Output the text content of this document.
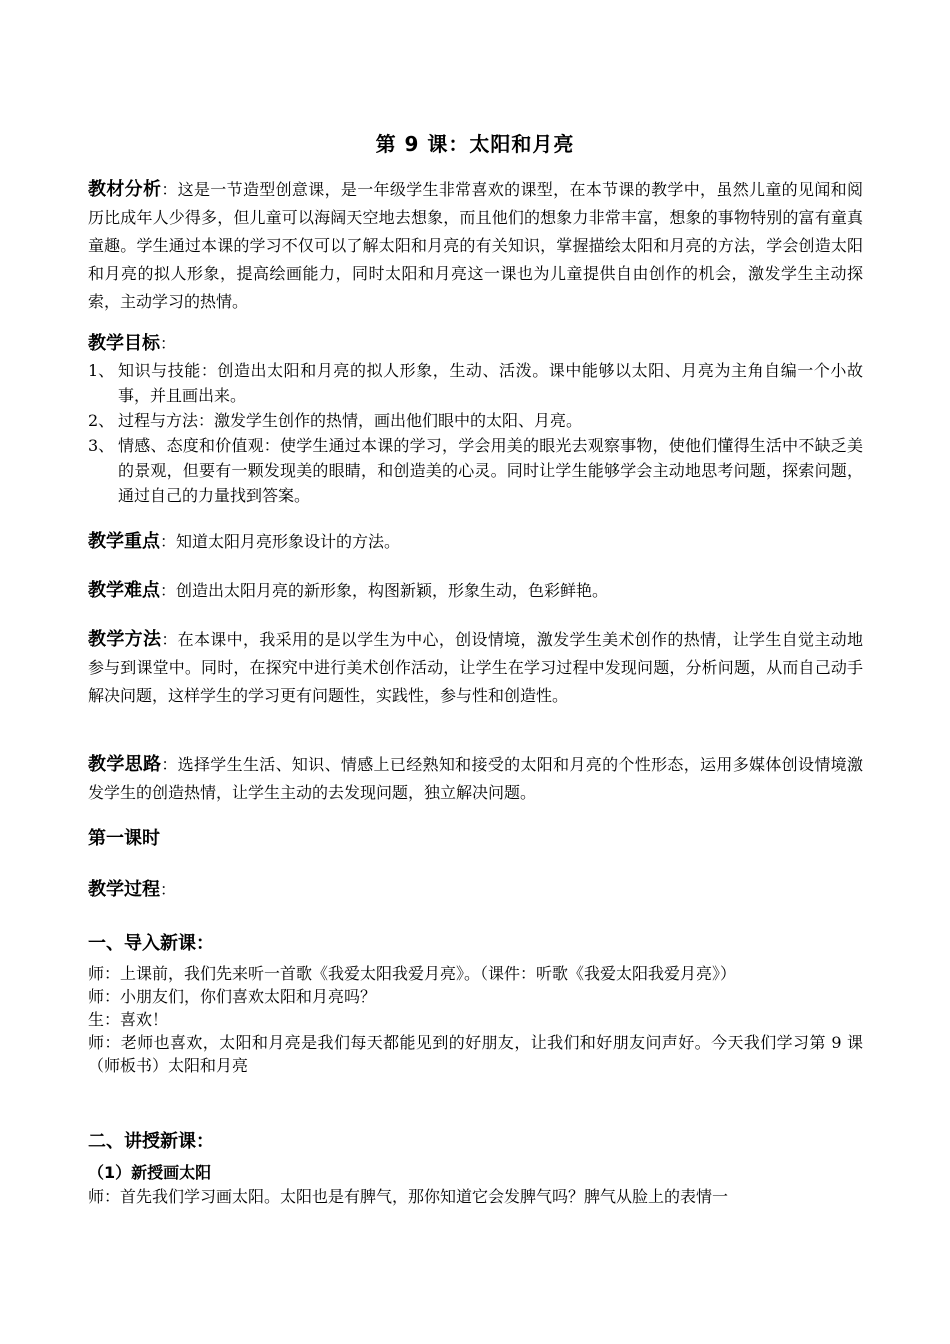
第 9 课：太阳和月亮

教材分析：这是一节造型创意课，是一年级学生非常喜欢的课型，在本节课的教学中，虽然儿童的见闻和阅历比成年人少得多，但儿童可以海阔天空地去想象，而且他们的想象力非常丰富，想象的事物特别的富有童真童趣。学生通过本课的学习不仅可以了解太阳和月亮的有关知识，掌握描绘太阳和月亮的方法，学会创造太阳和月亮的拟人形象，提高绘画能力，同时太阳和月亮这一课也为儿童提供自由创作的机会，激发学生主动探索，主动学习的热情。

教学目标：
1、 知识与技能：创造出太阳和月亮的拟人形象，生动、活泼。课中能够以太阳、月亮为主角自编一个小故事，并且画出来。
2、 过程与方法：激发学生创作的热情，画出他们眼中的太阳、月亮。
3、 情感、态度和价值观：使学生通过本课的学习，学会用美的眼光去观察事物，使他们懂得生活中不缺乏美的景观，但要有一颗发现美的眼睛，和创造美的心灵。同时让学生能够学会主动地思考问题，探索问题，通过自己的力量找到答案。

教学重点：知道太阳月亮形象设计的方法。

教学难点：创造出太阳月亮的新形象，构图新颖，形象生动，色彩鲜艳。

教学方法：在本课中，我采用的是以学生为中心，创设情境，激发学生美术创作的热情，让学生自觉主动地参与到课堂中。同时，在探究中进行美术创作活动，让学生在学习过程中发现问题，分析问题，从而自己动手解决问题，这样学生的学习更有问题性，实践性，参与性和创造性。

教学思路：选择学生生活、知识、情感上已经熟知和接受的太阳和月亮的个性形态，运用多媒体创设情境激发学生的创造热情，让学生主动的去发现问题，独立解决问题。

第一课时
教学过程：
一、导入新课：

师：上课前，我们先来听一首歌《我爱太阳我爱月亮》。（课件：听歌《我爱太阳我爱月亮》）

师：小朋友们，你们喜欢太阳和月亮吗？

生：喜欢！

师：老师也喜欢，太阳和月亮是我们每天都能见到的好朋友，让我们和好朋友问声好。今天我们学习第 9 课（师板书）太阳和月亮

二、讲授新课：
（1）新授画太阳

师：首先我们学习画太阳。太阳也是有脾气，那你知道它会发脾气吗？脾气从脸上的表情一
